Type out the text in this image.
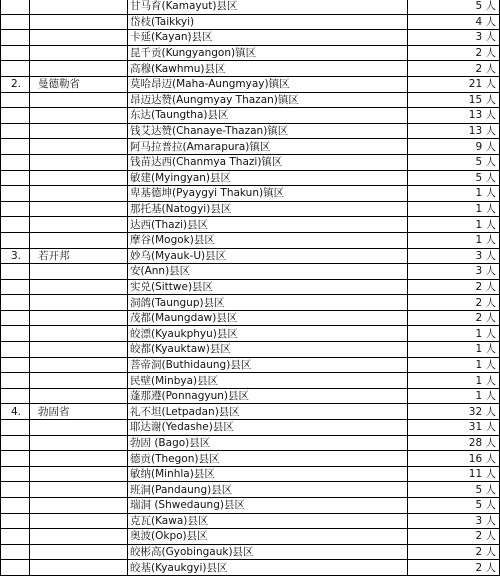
		甘马育(Kamayut)县区	5 人
		岱枝(Taikkyi)	4 人
		卡延(Kayan)县区	3 人
		昆千贡(Kungyangon)镇区	2 人
		高穆(Kawhmu)县区	2 人
2.	曼德勒省	莫哈昂迈(Maha-Aungmyay)镇区	21 人
		昂迈达赞(Aungmyay Thazan)镇区	15 人
		东达(Taungtha)县区	13 人
		钱艾达赞(Chanaye-Thazan)镇区	13 人
		阿马拉普拉(Amarapura)镇区	9 人
		钱苗达西(Chanmya Thazi)镇区	5 人
		敏建(Myingyan)县区	5 人
		卑基德坤(Pyaygyi Thakun)镇区	1 人
		那托基(Natogyi)县区	1 人
		达西(Thazi)县区	1 人
		摩谷(Mogok)县区	1 人
3.	若开邦	妙乌(Myauk-U)县区	3 人
		安(Ann)县区	3 人
		实兑(Sittwe)县区	2 人
		洞鸽(Taungup)县区	2 人
		茂都(Maungdaw)县区	2 人
		皎漂(Kyaukphyu)县区	1 人
		皎都(Kyauktaw)县区	1 人
		菩帝洞(Buthidaung)县区	1 人
		民壁(Minbya)县区	1 人
		蓬那遵(Ponnagyun)县区	1 人
4.	勃固省	礼不坦(Letpadan)县区	32 人
		耶达谢(Yedashe)县区	31 人
		勃固 (Bago)县区	28 人
		德贡(Thegon)县区	16 人
		敏纳(Minhla)县区	11 人
		班洞(Pandaung)县区	5 人
		瑞洞 (Shwedaung)县区	5 人
		克瓦(Kawa)县区	3 人
		奥波(Okpo)县区	2 人
		皎彬高(Gyobingauk)县区	2 人
		皎基(Kyaukgyi)县区	2 人
